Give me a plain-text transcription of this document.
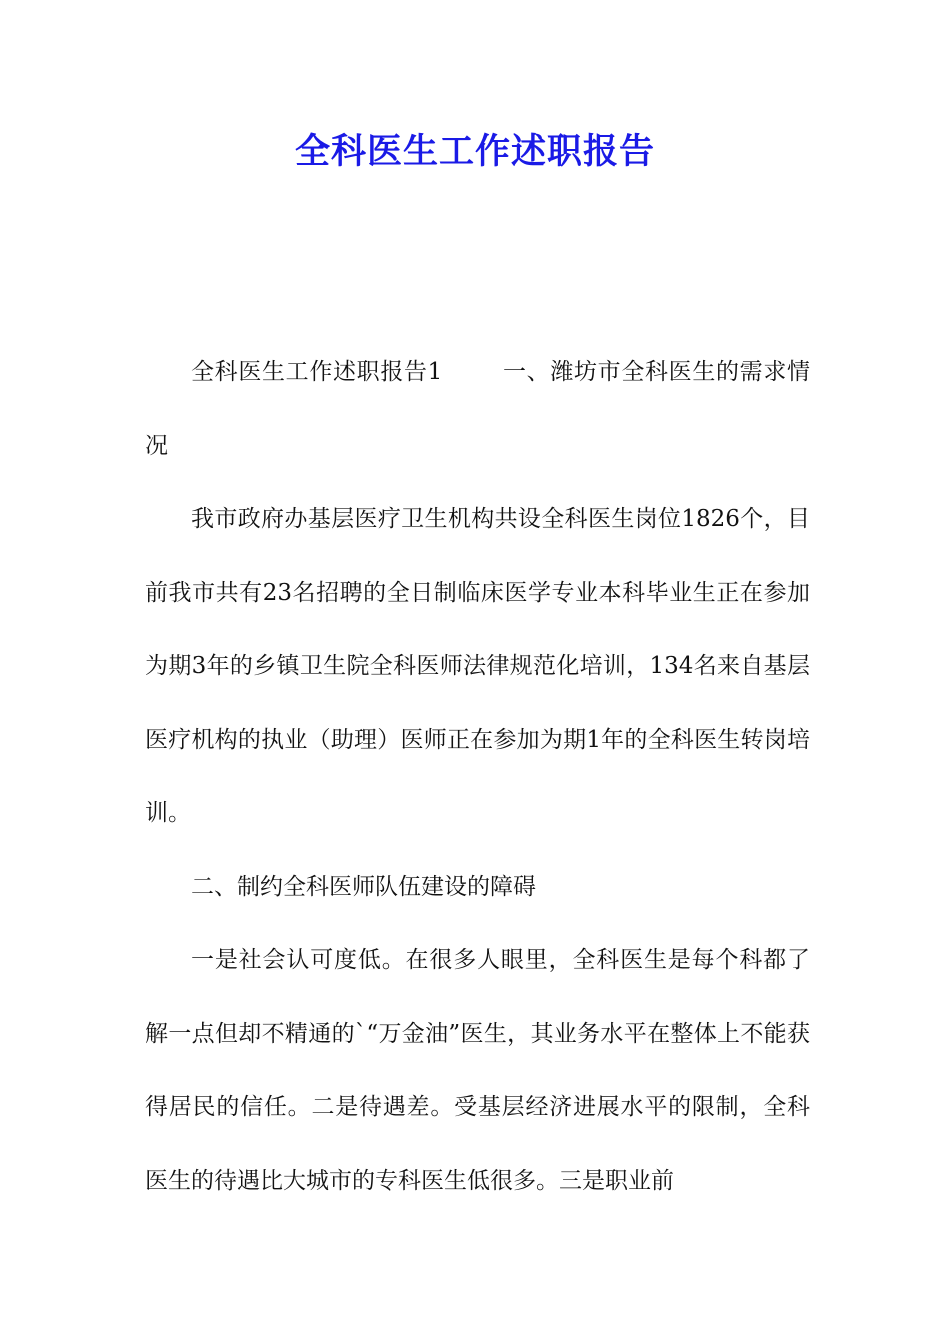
全科医生工作述职报告

全科医生工作述职报告1	一、潍坊市全科医生的需求情况

我市政府办基层医疗卫生机构共设全科医生岗位1826个，目前我市共有23名招聘的全日制临床医学专业本科毕业生正在参加为期3年的乡镇卫生院全科医师法律规范化培训，134名来自基层医疗机构的执业（助理）医师正在参加为期1年的全科医生转岗培训。

二、制约全科医师队伍建设的障碍

一是社会认可度低。在很多人眼里，全科医生是每个科都了解一点但却不精通的`“万金油”医生，其业务水平在整体上不能获得居民的信任。二是待遇差。受基层经济进展水平的限制，全科医生的待遇比大城市的专科医生低很多。三是职业前
